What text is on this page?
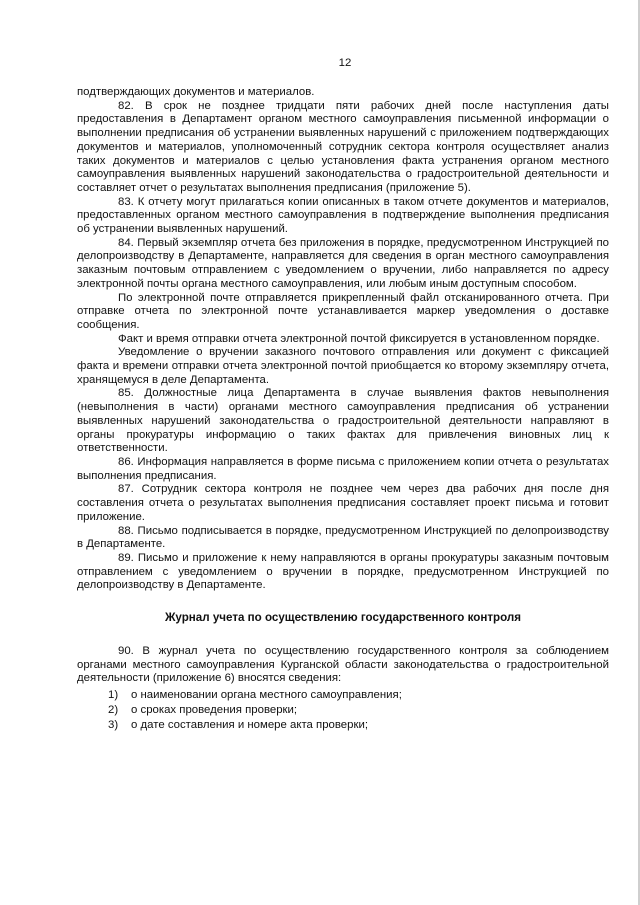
12

подтверждающих документов и материалов.

82. В срок не позднее тридцати пяти рабочих дней после наступления даты предоставления в Департамент органом местного самоуправления письменной информации о выполнении предписания об устранении выявленных нарушений с приложением подтверждающих документов и материалов, уполномоченный сотрудник сектора контроля осуществляет анализ таких документов и материалов с целью установления факта устранения органом местного самоуправления выявленных нарушений законодательства о градостроительной деятельности и составляет отчет о результатах выполнения предписания (приложение 5).

83. К отчету могут прилагаться копии описанных в таком отчете документов и материалов, предоставленных органом местного самоуправления в подтверждение выполнения предписания об устранении выявленных нарушений.

84. Первый экземпляр отчета без приложения в порядке, предусмотренном Инструкцией по делопроизводству в Департаменте, направляется для сведения в орган местного самоуправления заказным почтовым отправлением с уведомлением о вручении, либо направляется по адресу электронной почты органа местного самоуправления, или любым иным доступным способом.

По электронной почте отправляется прикрепленный файл отсканированного отчета. При отправке отчета по электронной почте устанавливается маркер уведомления о доставке сообщения.

Факт и время отправки отчета электронной почтой фиксируется в установленном порядке.

Уведомление о вручении заказного почтового отправления или документ с фиксацией факта и времени отправки отчета электронной почтой приобщается ко второму экземпляру отчета, хранящемуся в деле Департамента.

85. Должностные лица Департамента в случае выявления фактов невыполнения (невыполнения в части) органами местного самоуправления предписания об устранении выявленных нарушений законодательства о градостроительной деятельности направляют в органы прокуратуры информацию о таких фактах для привлечения виновных лиц к ответственности.

86. Информация направляется в форме письма с приложением копии отчета о результатах выполнения предписания.

87. Сотрудник сектора контроля не позднее чем через два рабочих дня после дня составления отчета о результатах выполнения предписания составляет проект письма и готовит приложение.

88. Письмо подписывается в порядке, предусмотренном Инструкцией по делопроизводству в Департаменте.

89. Письмо и приложение к нему направляются в органы прокуратуры заказным почтовым отправлением с уведомлением о вручении в порядке, предусмотренном Инструкцией по делопроизводству в Департаменте.

Журнал учета по осуществлению государственного контроля

90. В журнал учета по осуществлению государственного контроля за соблюдением органами местного самоуправления Курганской области законодательства о градостроительной деятельности (приложение 6) вносятся сведения:

1)	о наименовании органа местного самоуправления;
2)	о сроках проведения проверки;
3)	о дате составления и номере акта проверки;
